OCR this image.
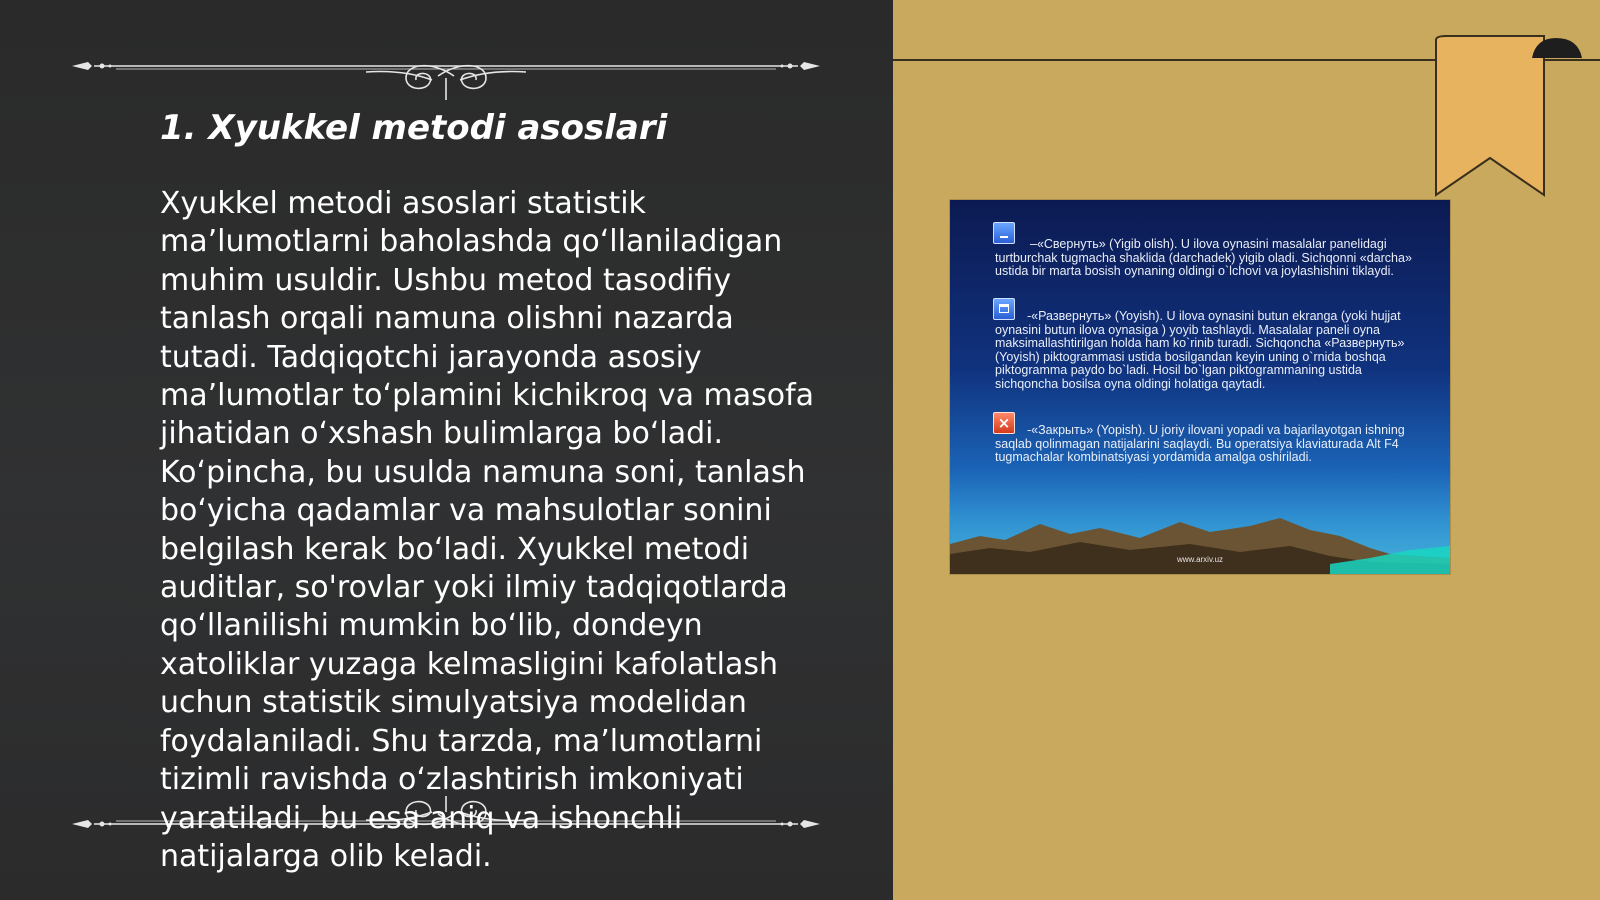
1. Xyukkel metodi asoslari

Xyukkel metodi asoslari statistik ma’lumotlarni baholashda qo‘llaniladigan muhim usuldir. Ushbu metod tasodifiy tanlash orqali namuna olishni nazarda tutadi. Tadqiqotchi jarayonda asosiy ma’lumotlar to‘plamini kichikroq va masofa jihatidan o‘xshash bulimlarga bo‘ladi. Ko‘pincha, bu usulda namuna soni, tanlash bo‘yicha qadamlar va mahsulotlar sonini belgilash kerak bo‘ladi. Xyukkel metodi auditlar, so'rovlar yoki ilmiy tadqiqotlarda qo‘llanilishi mumkin bo‘lib, dondeyn xatoliklar yuzaga kelmasligini kafolatlash uchun statistik simulyatsiya modelidan foydalaniladi. Shu tarzda, ma’lumotlarni tizimli ravishda o‘zlashtirish imkoniyati yaratiladi, bu esa aniq va ishonchli natijalarga olib keladi.

–«Свернуть» (Yigib olish). U ilova oynasini masalalar panelidagi turtburchak tugmacha shaklida (darchadek) yigib oladi. Sichqonni «darcha» ustida bir marta bosish oynaning oldingi o`lchovi va joylashishini tiklaydi.

-«Развернуть» (Yoyish). U ilova oynasini butun ekranga (yoki hujjat oynasini butun ilova oynasiga ) yoyib tashlaydi. Masalalar paneli oyna maksimallashtirilgan holda ham ko`rinib turadi. Sichqoncha «Развернуть» (Yoyish) piktogrammasi ustida bosilgandan keyin uning o`rnida boshqa piktogramma paydo bo`ladi. Hosil bo`lgan piktogrammaning ustida sichqoncha bosilsa oyna oldingi holatiga qaytadi.

×	-«Закрыть» (Yopish). U joriy ilovani yopadi va bajarilayotgan ishning saqlab qolinmagan natijalarini saqlaydi. Bu operatsiya klaviaturada Alt F4 tugmachalar kombinatsiyasi yordamida amalga oshiriladi.

www.arxiv.uz
